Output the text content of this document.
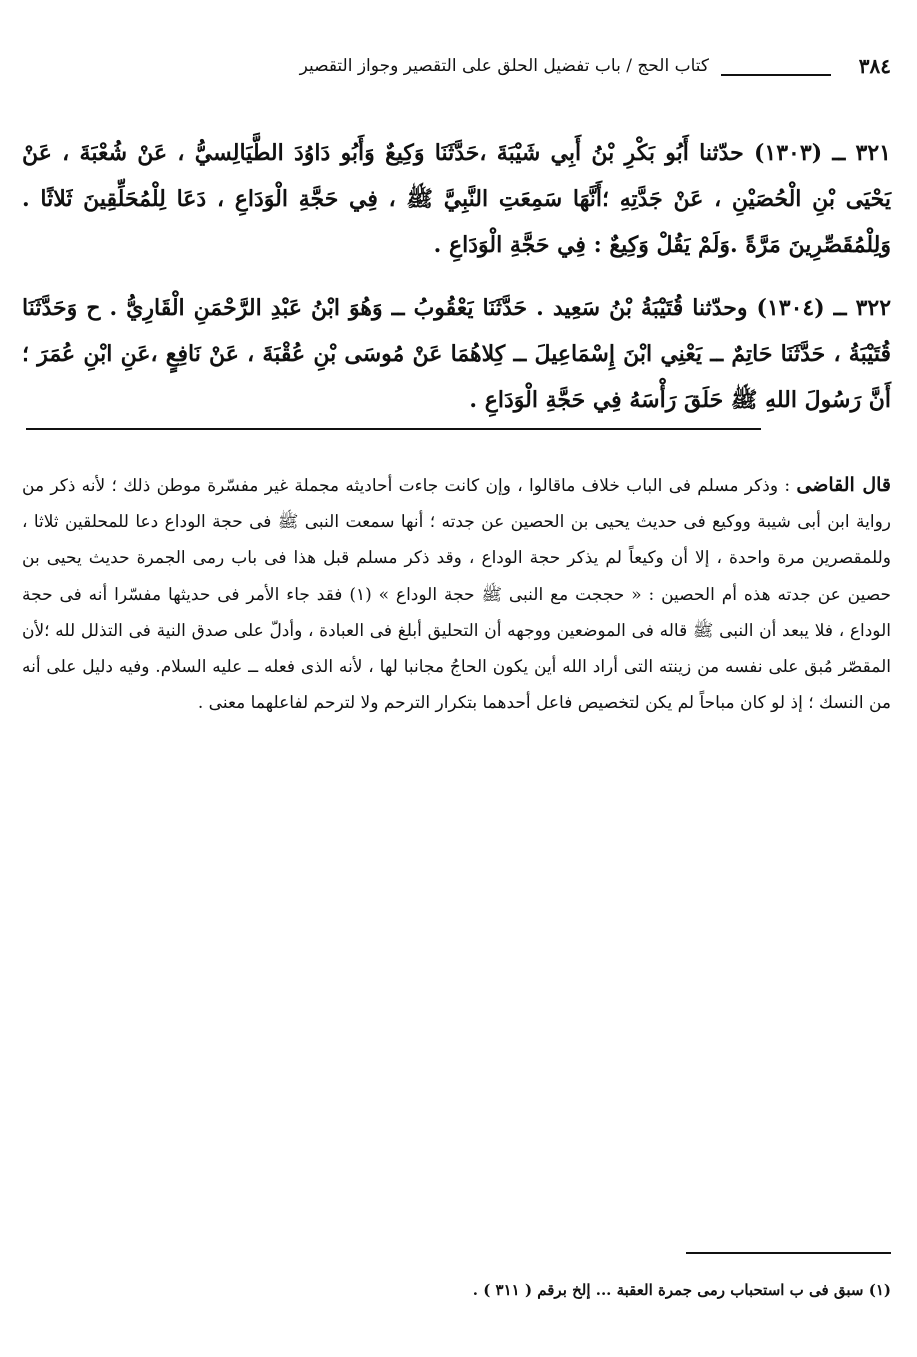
٣٨٤
كتاب الحج / باب تفضيل الحلق على التقصير وجواز التقصير

٣٢١ ــ (١٣٠٣) حدّثنا أَبُو بَكْرِ بْنُ أَبِي شَيْبَةَ ،حَدَّثَنَا وَكِيعٌ وَأَبُو دَاوُدَ الطَّيَالِسيُّ ، عَنْ شُعْبَةَ ، عَنْ يَحْيَى بْنِ الْحُصَيْنِ ، عَنْ جَدَّتِهِ ؛أَنَّهَا سَمِعَتِ النَّبِيَّ ﷺ ، فِي حَجَّةِ الْوَدَاعِ ، دَعَا لِلْمُحَلِّقِينَ ثَلاثًا . وَلِلْمُقَصِّرِينَ مَرَّةً .وَلَمْ يَقُلْ وَكِيعٌ : فِي حَجَّةِ الْوَدَاعِ .

٣٢٢ ــ (١٣٠٤) وحدّثنا قُتَيْبَةُ بْنُ سَعِيد . حَدَّثَنَا يَعْقُوبُ ــ وَهُوَ ابْنُ عَبْدِ الرَّحْمَنِ الْقَارِيُّ . ح وَحَدَّثَنَا قُتَيْبَةُ ، حَدَّثَنَا حَاتِمٌ ــ يَعْنِي ابْنَ إِسْمَاعِيلَ ــ كِلاهُمَا عَنْ مُوسَى بْنِ عُقْبَةَ ، عَنْ نَافِعٍ ،عَنِ ابْنِ عُمَرَ ؛ أَنَّ رَسُولَ اللهِ ﷺ حَلَقَ رَأْسَهُ فِي حَجَّةِ الْوَدَاعِ .

قال القاضى : وذكر مسلم فى الباب خلاف ماقالوا ، وإن كانت جاءت أحاديثه مجملة غير مفسّرة موطن ذلك ؛ لأنه ذكر من رواية ابن أبى شيبة ووكيع فى حديث يحيى بن الحصين عن جدته ؛ أنها سمعت النبى ﷺ فى حجة الوداع دعا للمحلقين ثلاثا ، وللمقصرين مرة واحدة ، إلا أن وكيعاً لم يذكر حجة الوداع ، وقد ذكر مسلم قبل هذا فى باب رمى الجمرة حديث يحيى بن حصين عن جدته هذه أم الحصين : « حججت مع النبى ﷺ حجة الوداع » (١) فقد جاء الأمر فى حديثها مفسّرا أنه فى حجة الوداع ، فلا يبعد أن النبى ﷺ قاله فى الموضعين ووجهه أن التحليق أبلغ فى العبادة ، وأدلّ على صدق النية فى التذلل لله ؛لأن المقصّر مُبق على نفسه من زينته التى أراد الله أين يكون الحاجُ مجانبا لها ، لأنه الذى فعله ــ عليه السلام. وفيه دليل على أنه من النسك ؛ إذ لو كان مباحاً لم يكن لتخصيص فاعل أحدهما بتكرار الترحم ولا لترحم لفاعلهما معنى .

(١) سبق فى ب استحباب رمى جمرة العقبة ... إلخ برقم ( ٣١١ ) .
